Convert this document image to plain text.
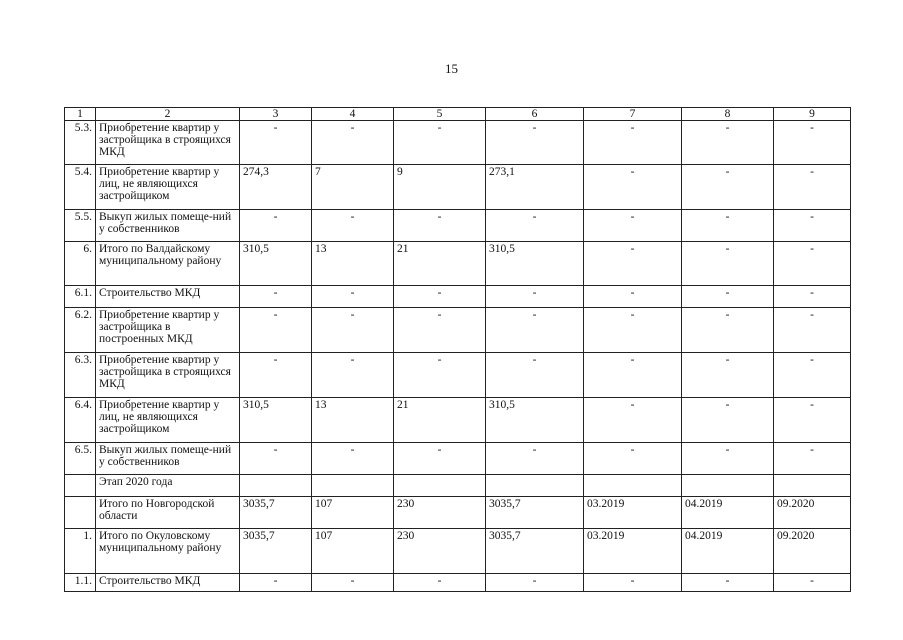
15
1	2	3	4	5	6	7	8	9
5.3.	Приобретение квартир у застройщика в строящихся МКД	-	-	-	-	-	-	-
5.4.	Приобретение квартир у лиц, не являющихся застройщиком	274,3	7	9	273,1	-	-	-
5.5.	Выкуп жилых помеще-ний у собственников	-	-	-	-	-	-	-
6.	Итого по Валдайскому муниципальному району	310,5	13	21	310,5	-	-	-
6.1.	Строительство МКД	-	-	-	-	-	-	-
6.2.	Приобретение квартир у застройщика в построенных МКД	-	-	-	-	-	-	-
6.3.	Приобретение квартир у застройщика в строящихся МКД	-	-	-	-	-	-	-
6.4.	Приобретение квартир у лиц, не являющихся застройщиком	310,5	13	21	310,5	-	-	-
6.5.	Выкуп жилых помеще-ний у собственников	-	-	-	-	-	-	-
	Этап 2020 года							
	Итого по Новгородской области	3035,7	107	230	3035,7	03.2019	04.2019	09.2020
1.	Итого по Окуловскому муниципальному району	3035,7	107	230	3035,7	03.2019	04.2019	09.2020
1.1.	Строительство МКД	-	-	-	-	-	-	-
